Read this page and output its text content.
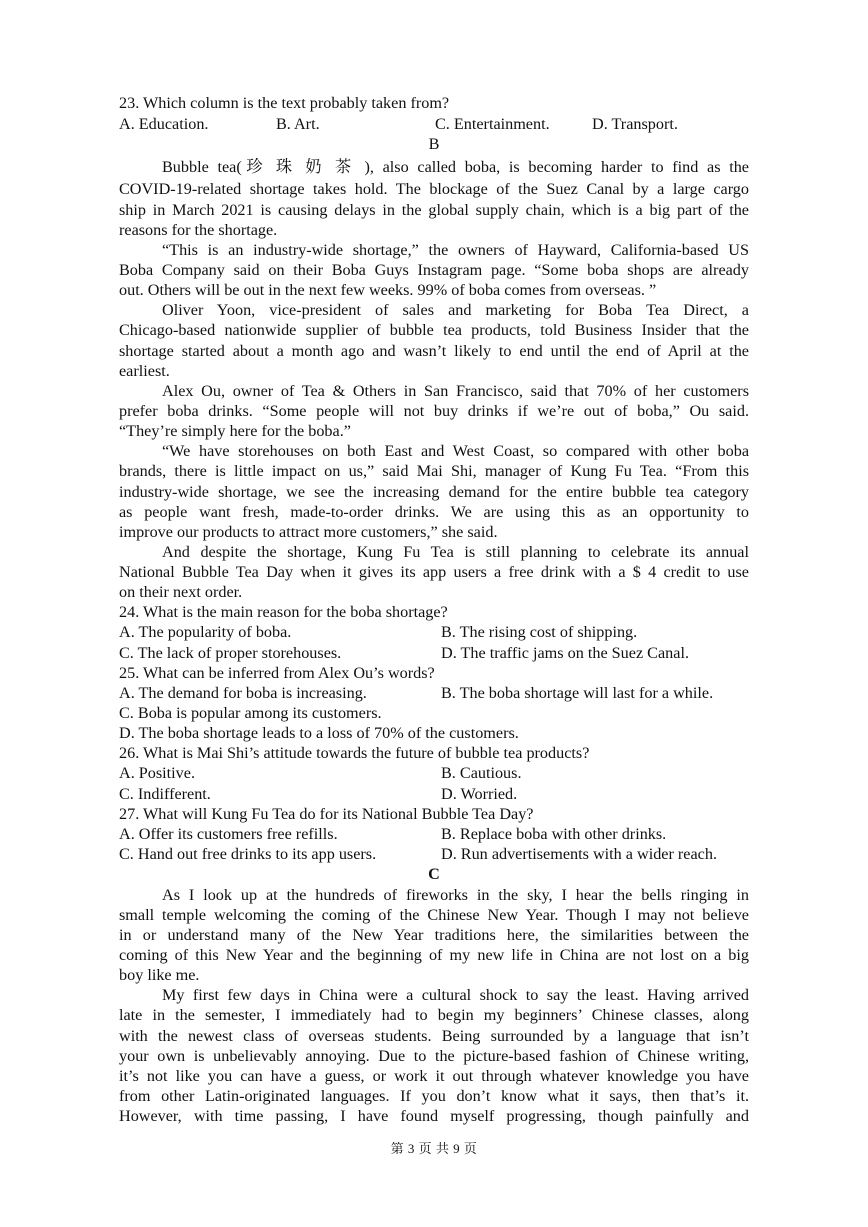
23. Which column is the text probably taken from?
A. Education.	B. Art.	C. Entertainment.	D. Transport.
B
Bubble tea(珍 珠 奶 茶 ), also called boba, is becoming harder to find as the
COVID-19-related shortage takes hold. The blockage of the Suez Canal by a large cargo
ship in March 2021 is causing delays in the global supply chain, which is a big part of the
reasons for the shortage.
“This is an industry-wide shortage,” the owners of Hayward, California-based US
Boba Company said on their Boba Guys Instagram page. “Some boba shops are already
out. Others will be out in the next few weeks. 99% of boba comes from overseas. ”
Oliver Yoon, vice-president of sales and marketing for Boba Tea Direct, a
Chicago-based nationwide supplier of bubble tea products, told Business Insider that the
shortage started about a month ago and wasn’t likely to end until the end of April at the
earliest.
Alex Ou, owner of Tea & Others in San Francisco, said that 70% of her customers
prefer boba drinks. “Some people will not buy drinks if we’re out of boba,” Ou said.
“They’re simply here for the boba.”
“We have storehouses on both East and West Coast, so compared with other boba
brands, there is little impact on us,” said Mai Shi, manager of Kung Fu Tea. “From this
industry-wide shortage, we see the increasing demand for the entire bubble tea category
as people want fresh, made-to-order drinks. We are using this as an opportunity to
improve our products to attract more customers,” she said.
And despite the shortage, Kung Fu Tea is still planning to celebrate its annual
National Bubble Tea Day when it gives its app users a free drink with a $ 4 credit to use
on their next order.
24. What is the main reason for the boba shortage?
A. The popularity of boba.	B. The rising cost of shipping.
C. The lack of proper storehouses.	D. The traffic jams on the Suez Canal.
25. What can be inferred from Alex Ou’s words?
A. The demand for boba is increasing.	B. The boba shortage will last for a while.
C. Boba is popular among its customers.
D. The boba shortage leads to a loss of 70% of the customers.
26. What is Mai Shi’s attitude towards the future of bubble tea products?
A. Positive.	B. Cautious.
C. Indifferent.	D. Worried.
27. What will Kung Fu Tea do for its National Bubble Tea Day?
A. Offer its customers free refills.	B. Replace boba with other drinks.
C. Hand out free drinks to its app users.	D. Run advertisements with a wider reach.
C
As I look up at the hundreds of fireworks in the sky, I hear the bells ringing in
small temple welcoming the coming of the Chinese New Year. Though I may not believe
in or understand many of the New Year traditions here, the similarities between the
coming of this New Year and the beginning of my new life in China are not lost on a big
boy like me.
My first few days in China were a cultural shock to say the least. Having arrived
late in the semester, I immediately had to begin my beginners’ Chinese classes, along
with the newest class of overseas students. Being surrounded by a language that isn’t
your own is unbelievably annoying. Due to the picture-based fashion of Chinese writing,
it’s not like you can have a guess, or work it out through whatever knowledge you have
from other Latin-originated languages. If you don’t know what it says, then that’s it.
However, with time passing, I have found myself progressing, though painfully and
第 3 页 共 9 页
